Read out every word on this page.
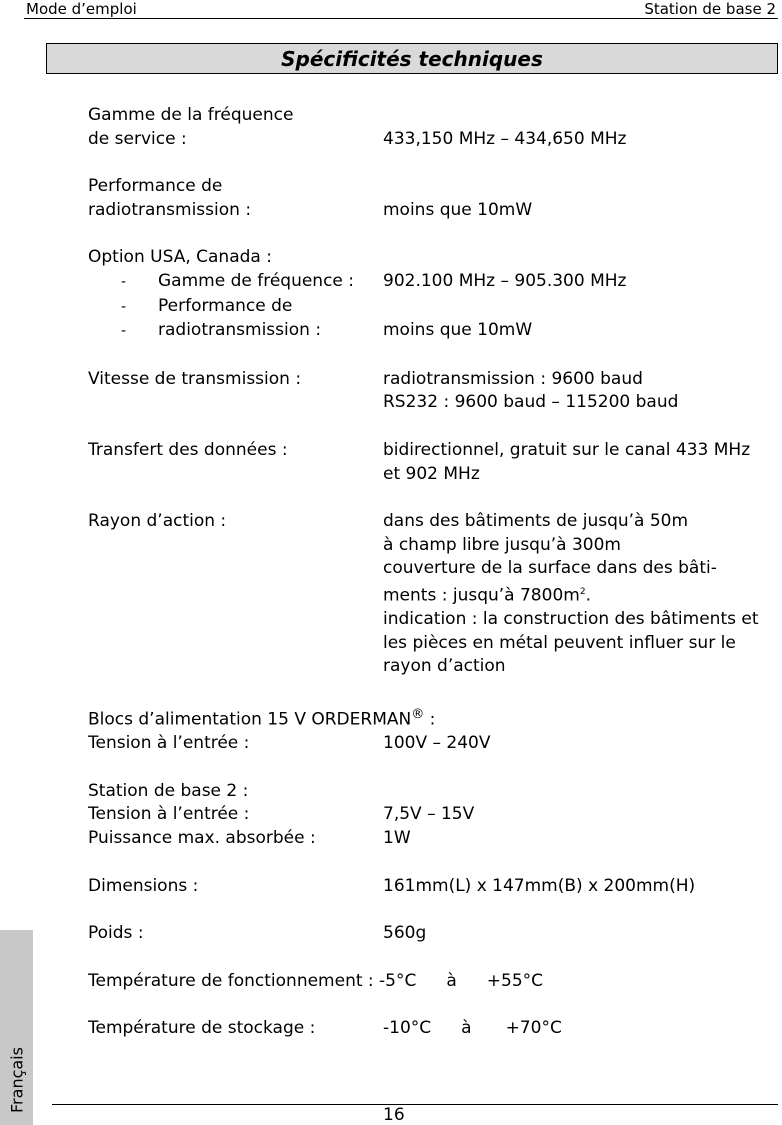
Mode d’emploi	Station de base 2
Spécificités techniques
Gamme de la fréquence
de service :	433,150 MHz – 434,650 MHz
Performance de
radiotransmission :	moins que 10mW
Option USA, Canada :
- Gamme de fréquence :	902.100 MHz – 905.300 MHz
- Performance de
- radiotransmission :	moins que 10mW
Vitesse de transmission :	radiotransmission : 9600 baud
RS232 : 9600 baud – 115200 baud
Transfert des données :	bidirectionnel, gratuit sur le canal 433 MHz
et 902 MHz
Rayon d’action :	dans des bâtiments de jusqu’à 50m
à champ libre jusqu’à 300m
couverture de la surface dans des bâti-
ments : jusqu’à $7800m^2$.
indication : la construction des bâtiments et
les pièces en métal peuvent influer sur le
rayon d’action
Blocs d’alimentation 15 V ORDERMAN® :
Tension à l’entrée :	100V – 240V
Station de base 2 :
Tension à l’entrée :	7,5V – 15V
Puissance max. absorbée :	1W
Dimensions :	161mm(L) x 147mm(B) x 200mm(H)
Poids :	560g
Température de fonctionnement : -5°C à +55°C
Température de stockage :	-10°C à +70°C
Français
16
